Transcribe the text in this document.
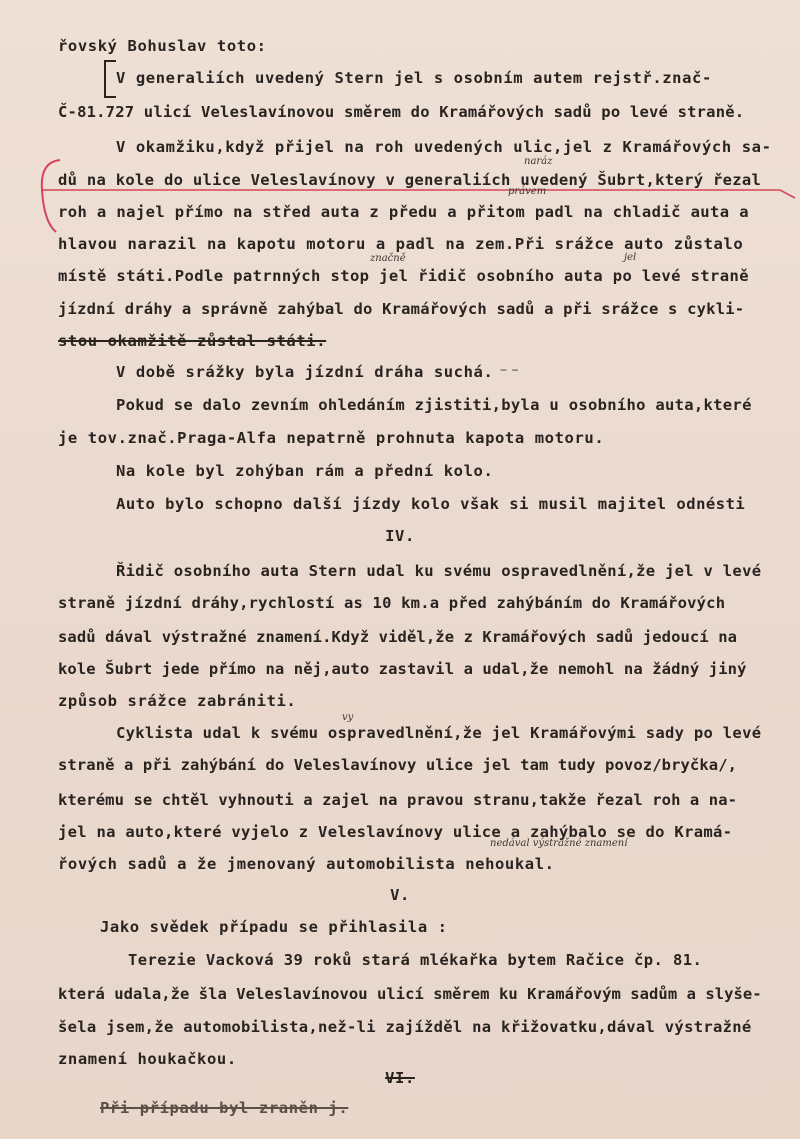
řovský Bohuslav toto:
V generaliích uvedený Stern jel s osobním autem rejstř.znač-
Č-81.727 ulicí Veleslavínovou směrem do Kramářových sadů po levé straně.
V okamžiku,když přijel na roh uvedených ulic,jel z Kramářových sa-
dů na kole do ulice Veleslavínovy v generaliích uvedený Šubrt,který řezal
roh a najel přímo na střed auta z předu a přitom padl na chladič auta a
hlavou narazil na kapotu motoru a padl na zem.Při srážce auto zůstalo
místě státi.Podle patrnných stop jel řidič osobního auta po levé straně
jízdní dráhy a správně zahýbal do Kramářových sadů a při srážce s cykli-
stou okamžitě zůstal státi.
V době srážky byla jízdní dráha suchá.
Pokud se dalo zevním ohledáním zjistiti,byla u osobního auta,které
je tov.znač.Praga-Alfa nepatrně prohnuta kapota motoru.
Na kole byl zohýban rám a přední kolo.
Auto bylo schopno další jízdy kolo však si musil majitel odnésti
IV.
Řidič osobního auta Stern udal ku svému ospravedlnění,že jel v levé
straně jízdní dráhy,rychlostí as 10 km.a před zahýbáním do Kramářových
sadů dával výstražné znamení.Když viděl,že z Kramářových sadů jedoucí na
kole Šubrt jede přímo na něj,auto zastavil a udal,že nemohl na žádný jiný
způsob srážce zabrániti.
Cyklista udal k svému ospravedlnění,že jel Kramářovými sady po levé
straně a při zahýbání do Veleslavínovy ulice jel tam tudy povoz/bryčka/,
kterému se chtěl vyhnouti a zajel na pravou stranu,takže řezal roh a na-
jel na auto,které vyjelo z Veleslavínovy ulice a zahýbalo se do Kramá-
řových sadů a že jmenovaný automobilista nehoukal.
V.
Jako svědek případu se přihlasila :
Terezie Vacková 39 roků stará mlékařka bytem Račice čp. 81.
která udala,že šla Veleslavínovou ulicí směrem ku Kramářovým sadům a slyše-
šela jsem,že automobilista,než-li zajížděl na křižovatku,dával výstražné
znamení houkačkou.
VI.
Při případu byl zraněn j.
právem
značně	jel
naráz
vy
nedával výstražné znamení
– –
